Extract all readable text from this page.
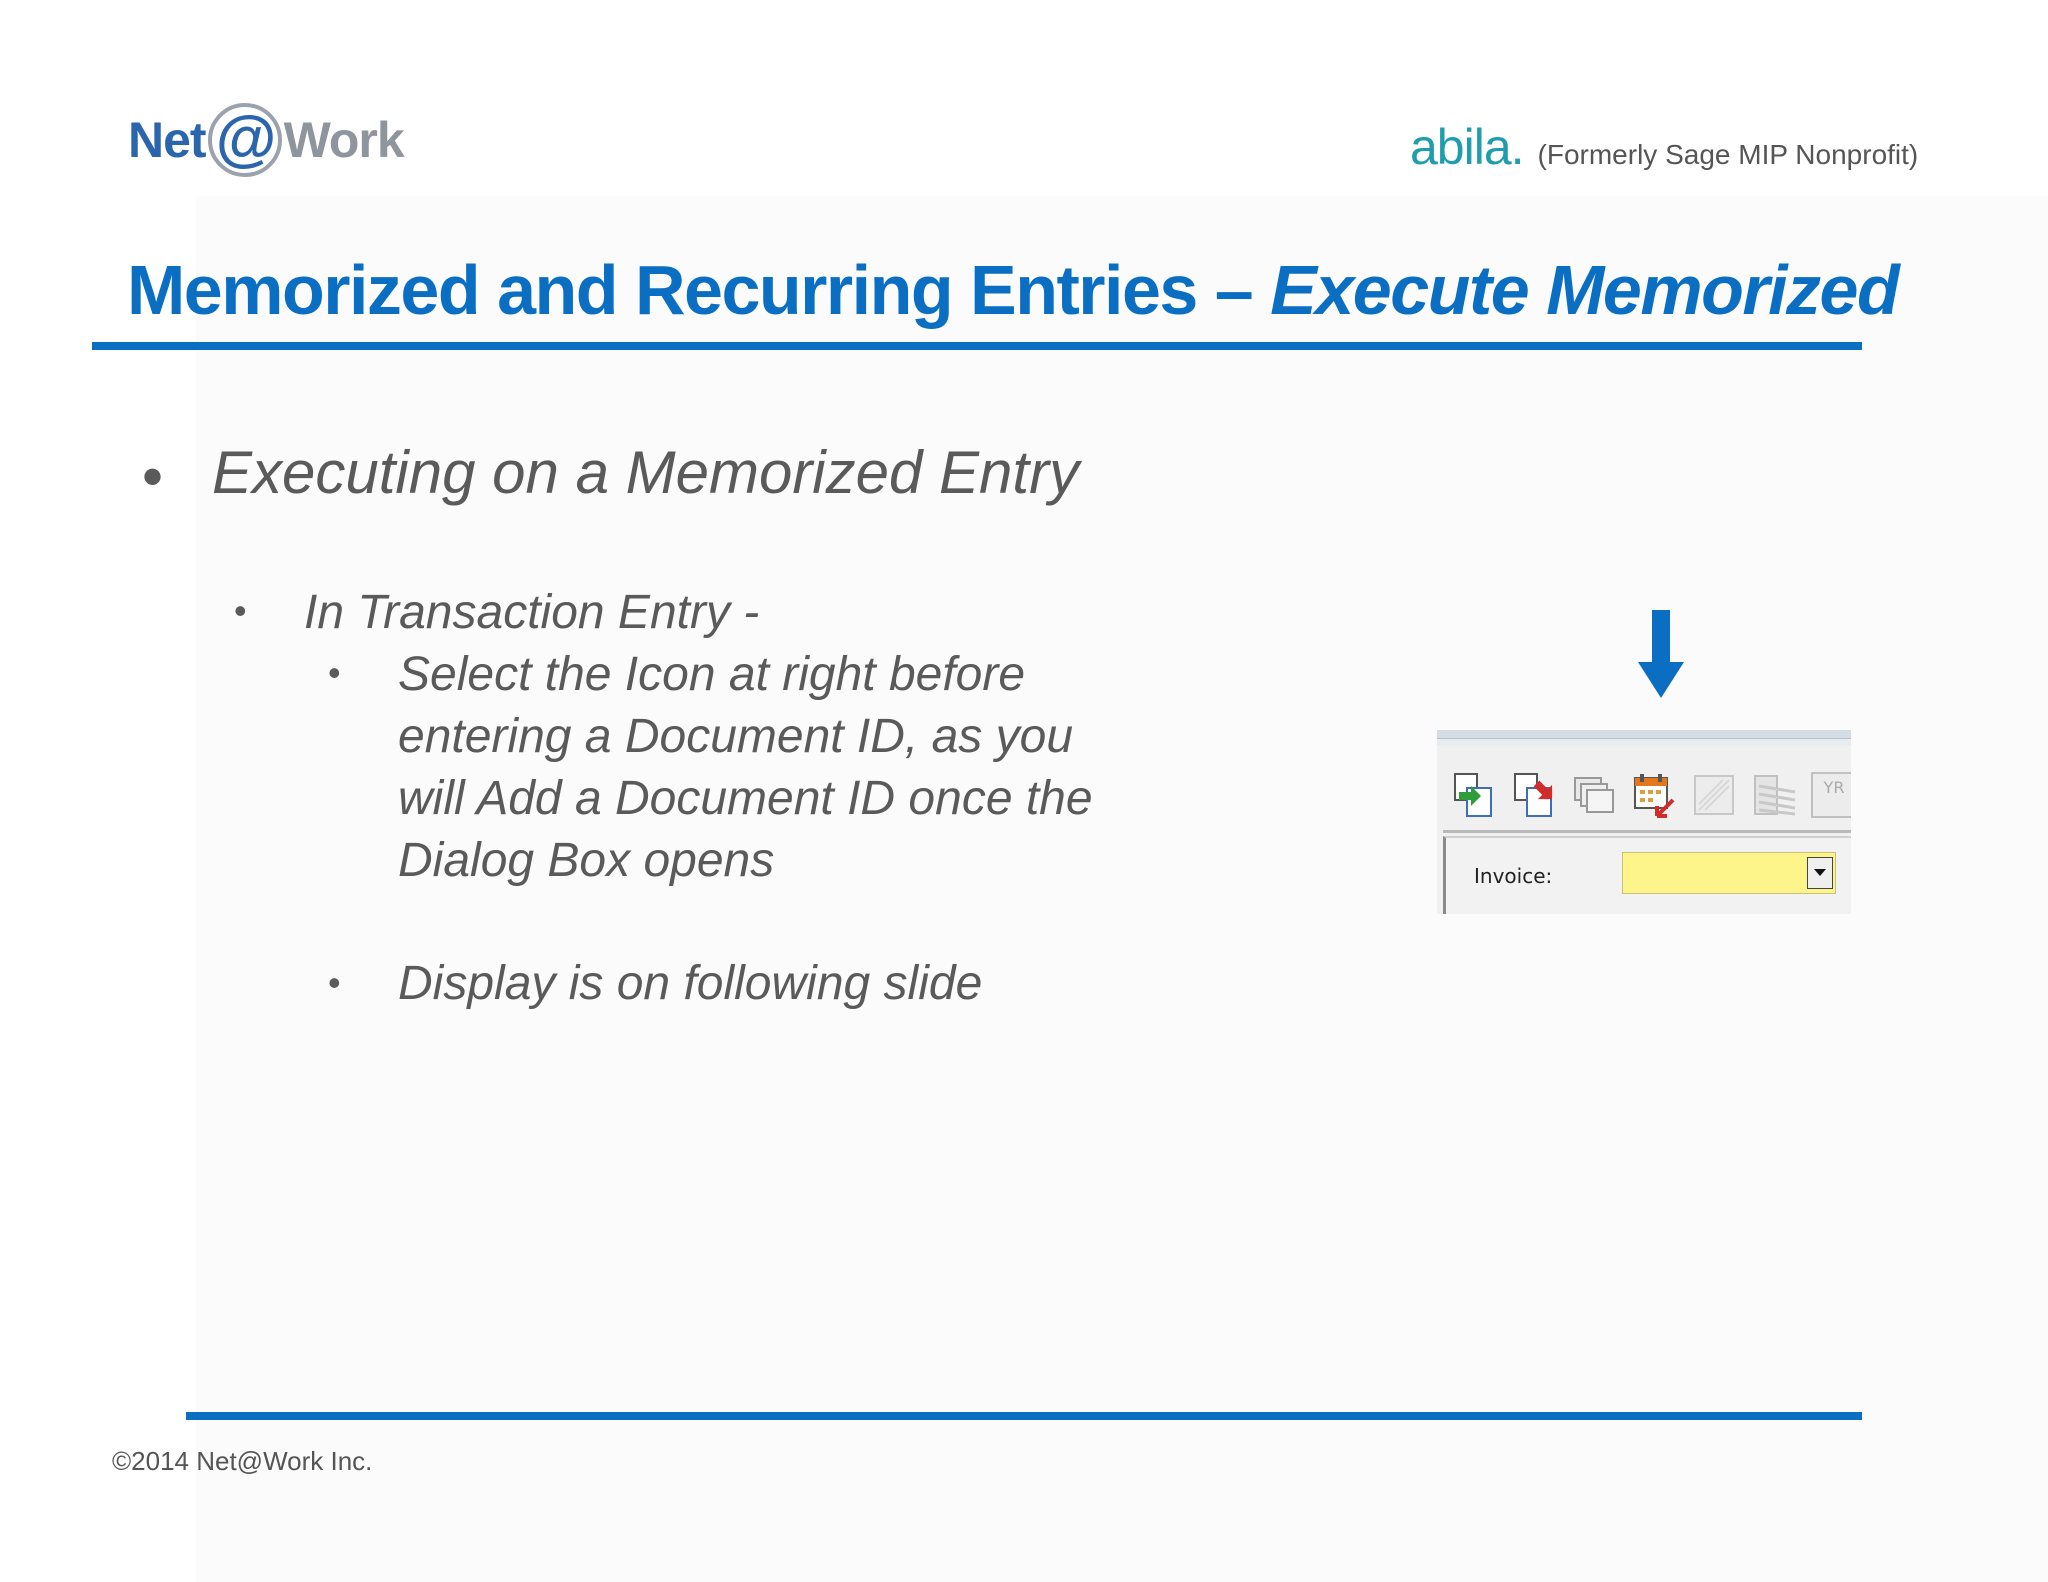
Net @ Work	abila. (Formerly Sage MIP Nonprofit)
Memorized and Recurring Entries – Execute Memorized
• Executing on a Memorized Entry
• In Transaction Entry -
• Select the Icon at right before
entering a Document ID, as you
will Add a Document ID once the
Dialog Box opens
• Display is on following slide
YR
Invoice:
©2014 Net@Work Inc.
